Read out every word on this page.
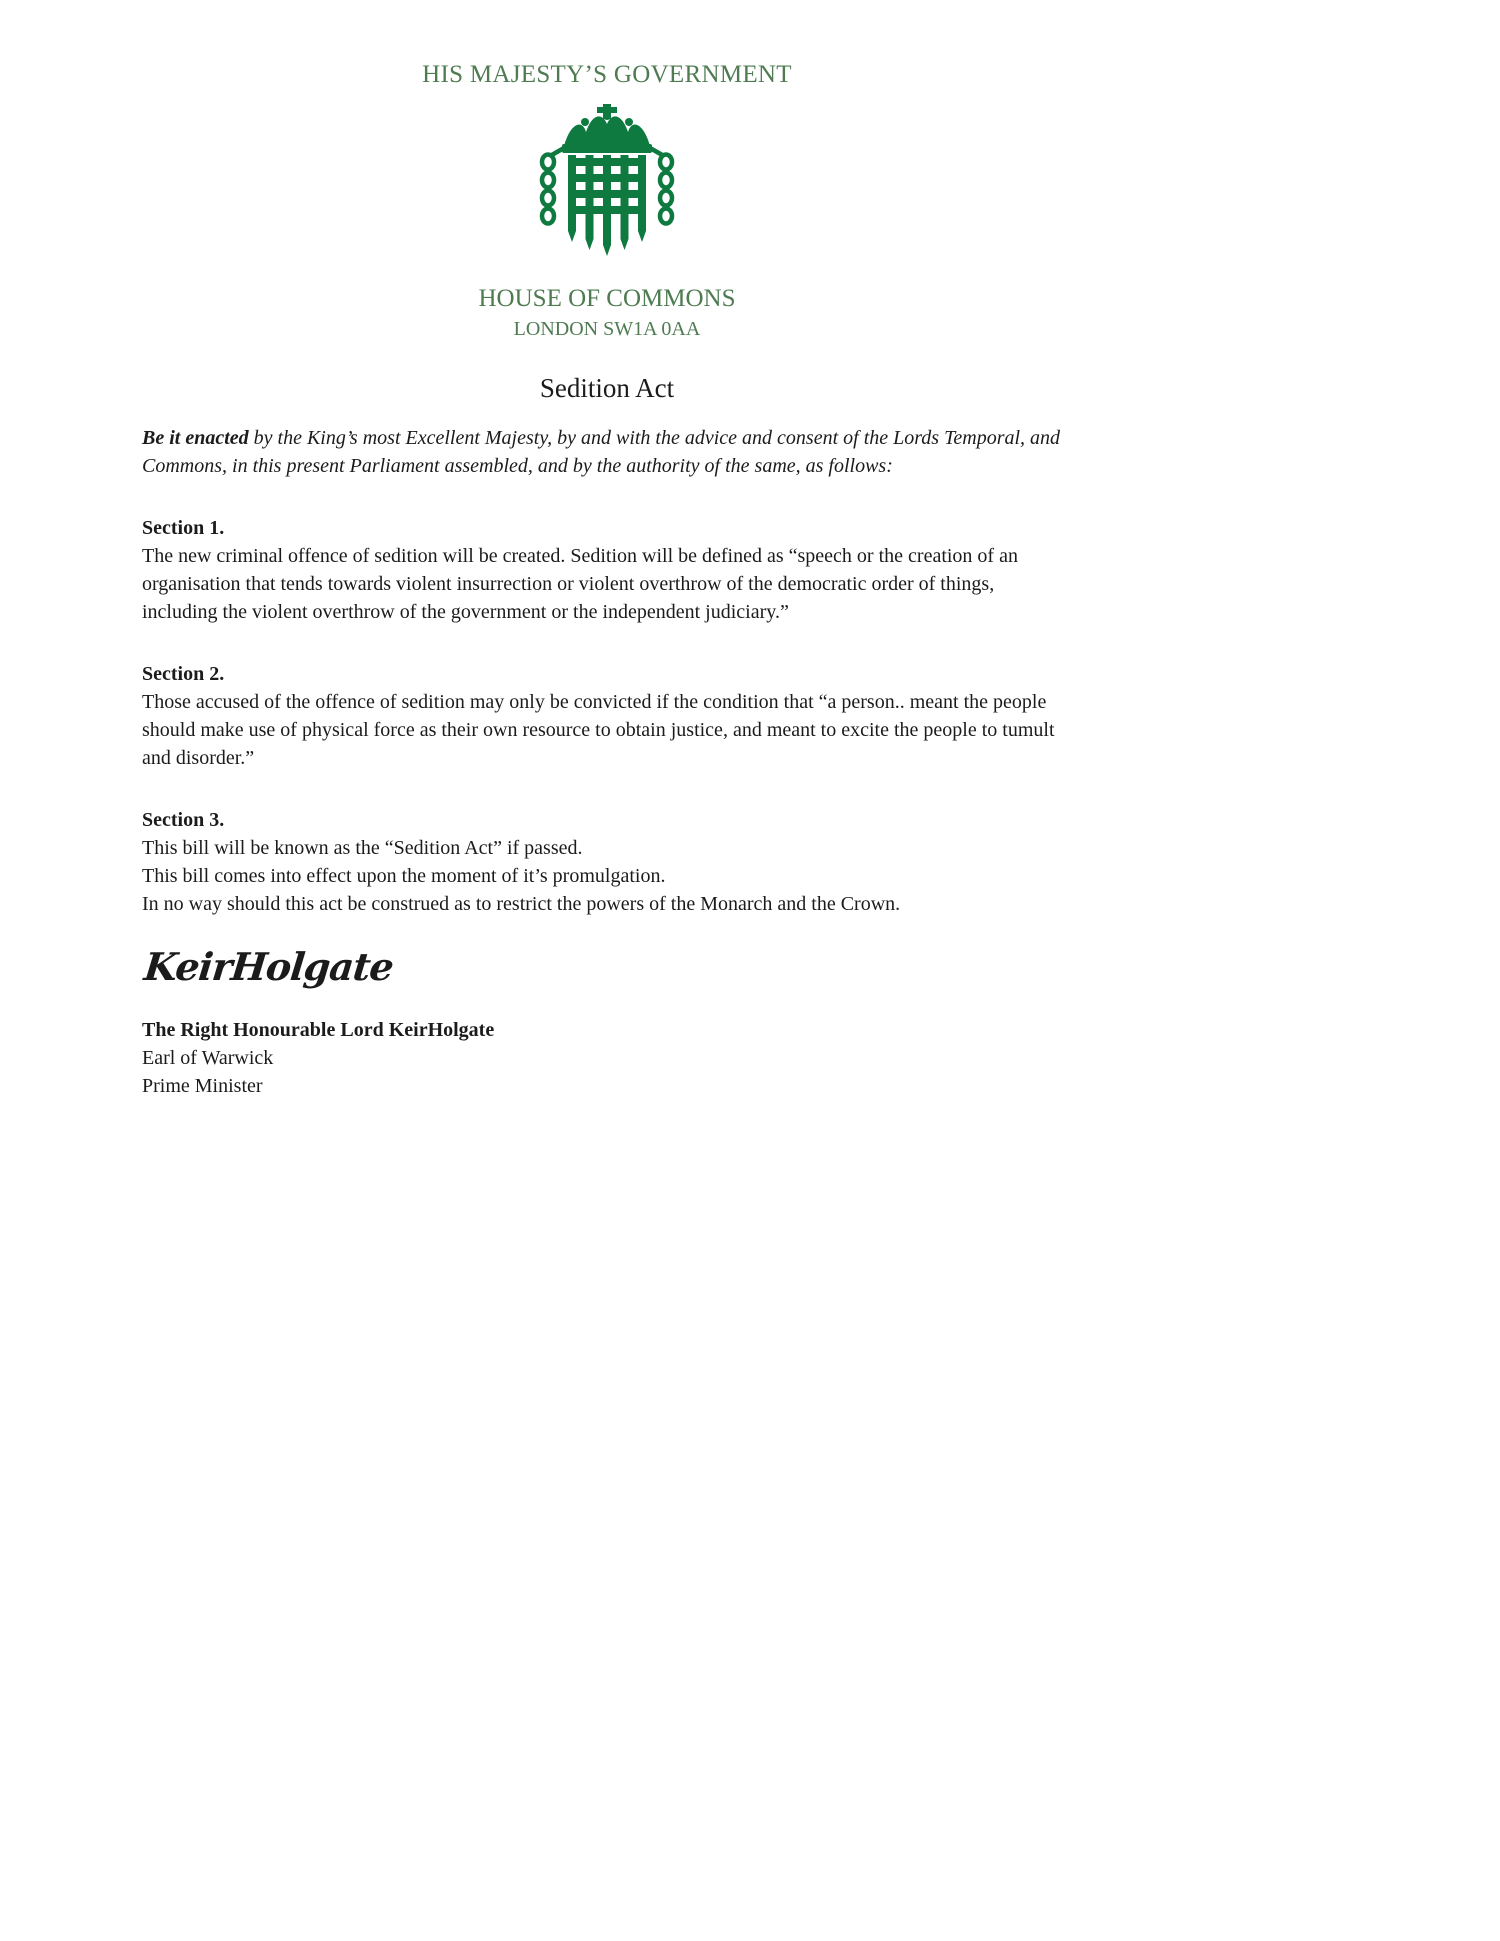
HIS MAJESTY’S GOVERNMENT
HOUSE OF COMMONS
LONDON SW1A 0AA
Sedition Act

Be it enacted by the King’s most Excellent Majesty, by and with the advice and consent of the Lords Temporal, and Commons, in this present Parliament assembled, and by the authority of the same, as follows:

Section 1.
The new criminal offence of sedition will be created. Sedition will be defined as “speech or the creation of an organisation that tends towards violent insurrection or violent overthrow of the democratic order of things, including the violent overthrow of the government or the independent judiciary.”
Section 2.
Those accused of the offence of sedition may only be convicted if the condition that “a person.. meant the people should make use of physical force as their own resource to obtain justice, and meant to excite the people to tumult and disorder.”
Section 3.
This bill will be known as the “Sedition Act” if passed.
This bill comes into effect upon the moment of it’s promulgation.
In no way should this act be construed as to restrict the powers of the Monarch and the Crown.
KeirHolgate
The Right Honourable Lord KeirHolgate
Earl of Warwick
Prime Minister
